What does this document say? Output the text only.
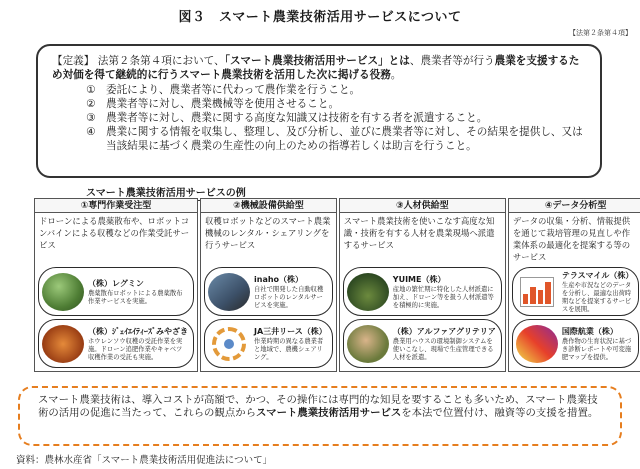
図３　スマート農業技術活用サービスについて
【法第２条第４項】
【定義】 法第２条第４項において、「スマート農業技術活用サービス」とは、農業者等が行う農業を支援するため対価を得て継続的に行うスマート農業技術を活用した次に掲げる役務。
① 委託により、農業者等に代わって農作業を行うこと。
② 農業者等に対し、農業機械等を使用させること。
③ 農業者等に対し、農業に関する高度な知識又は技術を有する者を派遣すること。
④ 農業に関する情報を収集し、整理し、及び分析し、並びに農業者等に対し、その結果を提供し、又は当該結果に基づく農業の生産性の向上のための指導若しくは助言を行うこと。
スマート農業技術活用サービスの例
①専門作業受注型
ドローンによる農薬散布や、ロボットコンバインによる収穫などの作業受託サービス
（株）レグミン
農薬散布ロボットによる農薬散布作業サービスを実施。
（株）ｼﾞｪｲｴｲﾃｨｰｽﾞみやざき
ホウレンソウ収穫の受託作業を実施。ドローン追肥作業やキャベツ収穫作業の受託も実施。
②機械設備供給型
収穫ロボットなどのスマート農業機械のレンタル・シェアリングを行うサービス
inaho（株）
自社で開発した自動収穫ロボットのレンタルサービスを実施。
JA三井リース（株）
作業時期の異なる農業者と地域で、農機シェアリング。
③人材供給型
スマート農業技術を使いこなす高度な知識・技術を有する人材を農業現場へ派遣するサービス
YUIME（株）
産地の繁忙期に特化した人材派遣に加え、ドローン等を扱う人材派遣等を積極的に実施。
（株）アルファアグリテリア
農業用ハウスの環境制御システムを使いこなし、現場で生産管理できる人材を派遣。
④データ分析型
データの収集・分析、情報提供を通じて栽培管理の見直しや作業体系の最適化を提案する等のサービス
テラスマイル（株）
生産や市況などのデータを分析し、最適な出荷時期などを提案するサービスを展開。
国際航業（株）
農作物の生育状況に基づき診断レポートや可変施肥マップを提供。
スマート農業技術は、導入コストが高額で、かつ、その操作には専門的な知見を要することも多いため、スマート農業技術の活用の促進に当たって、これらの観点からスマート農業技術活用サービスを本法で位置付け、融資等の支援を措置。
資料：農林水産省「スマート農業技術活用促進法について」
